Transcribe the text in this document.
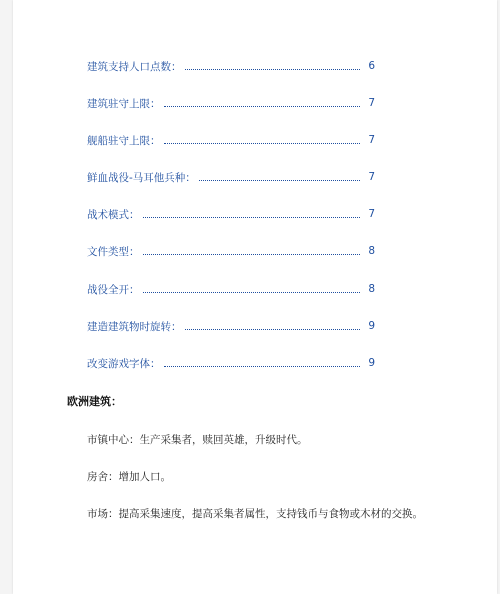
建筑支持人口点数：	6
建筑驻守上限：	7
舰船驻守上限：	7
鲜血战役-马耳他兵种：	7
战术模式：	7
文件类型：	8
战役全开：	8
建造建筑物时旋转：	9
改变游戏字体：	9
欧洲建筑：
市镇中心：生产采集者，赎回英雄，升级时代。
房舍：增加人口。
市场：提高采集速度，提高采集者属性，支持钱币与食物或木材的交换。
